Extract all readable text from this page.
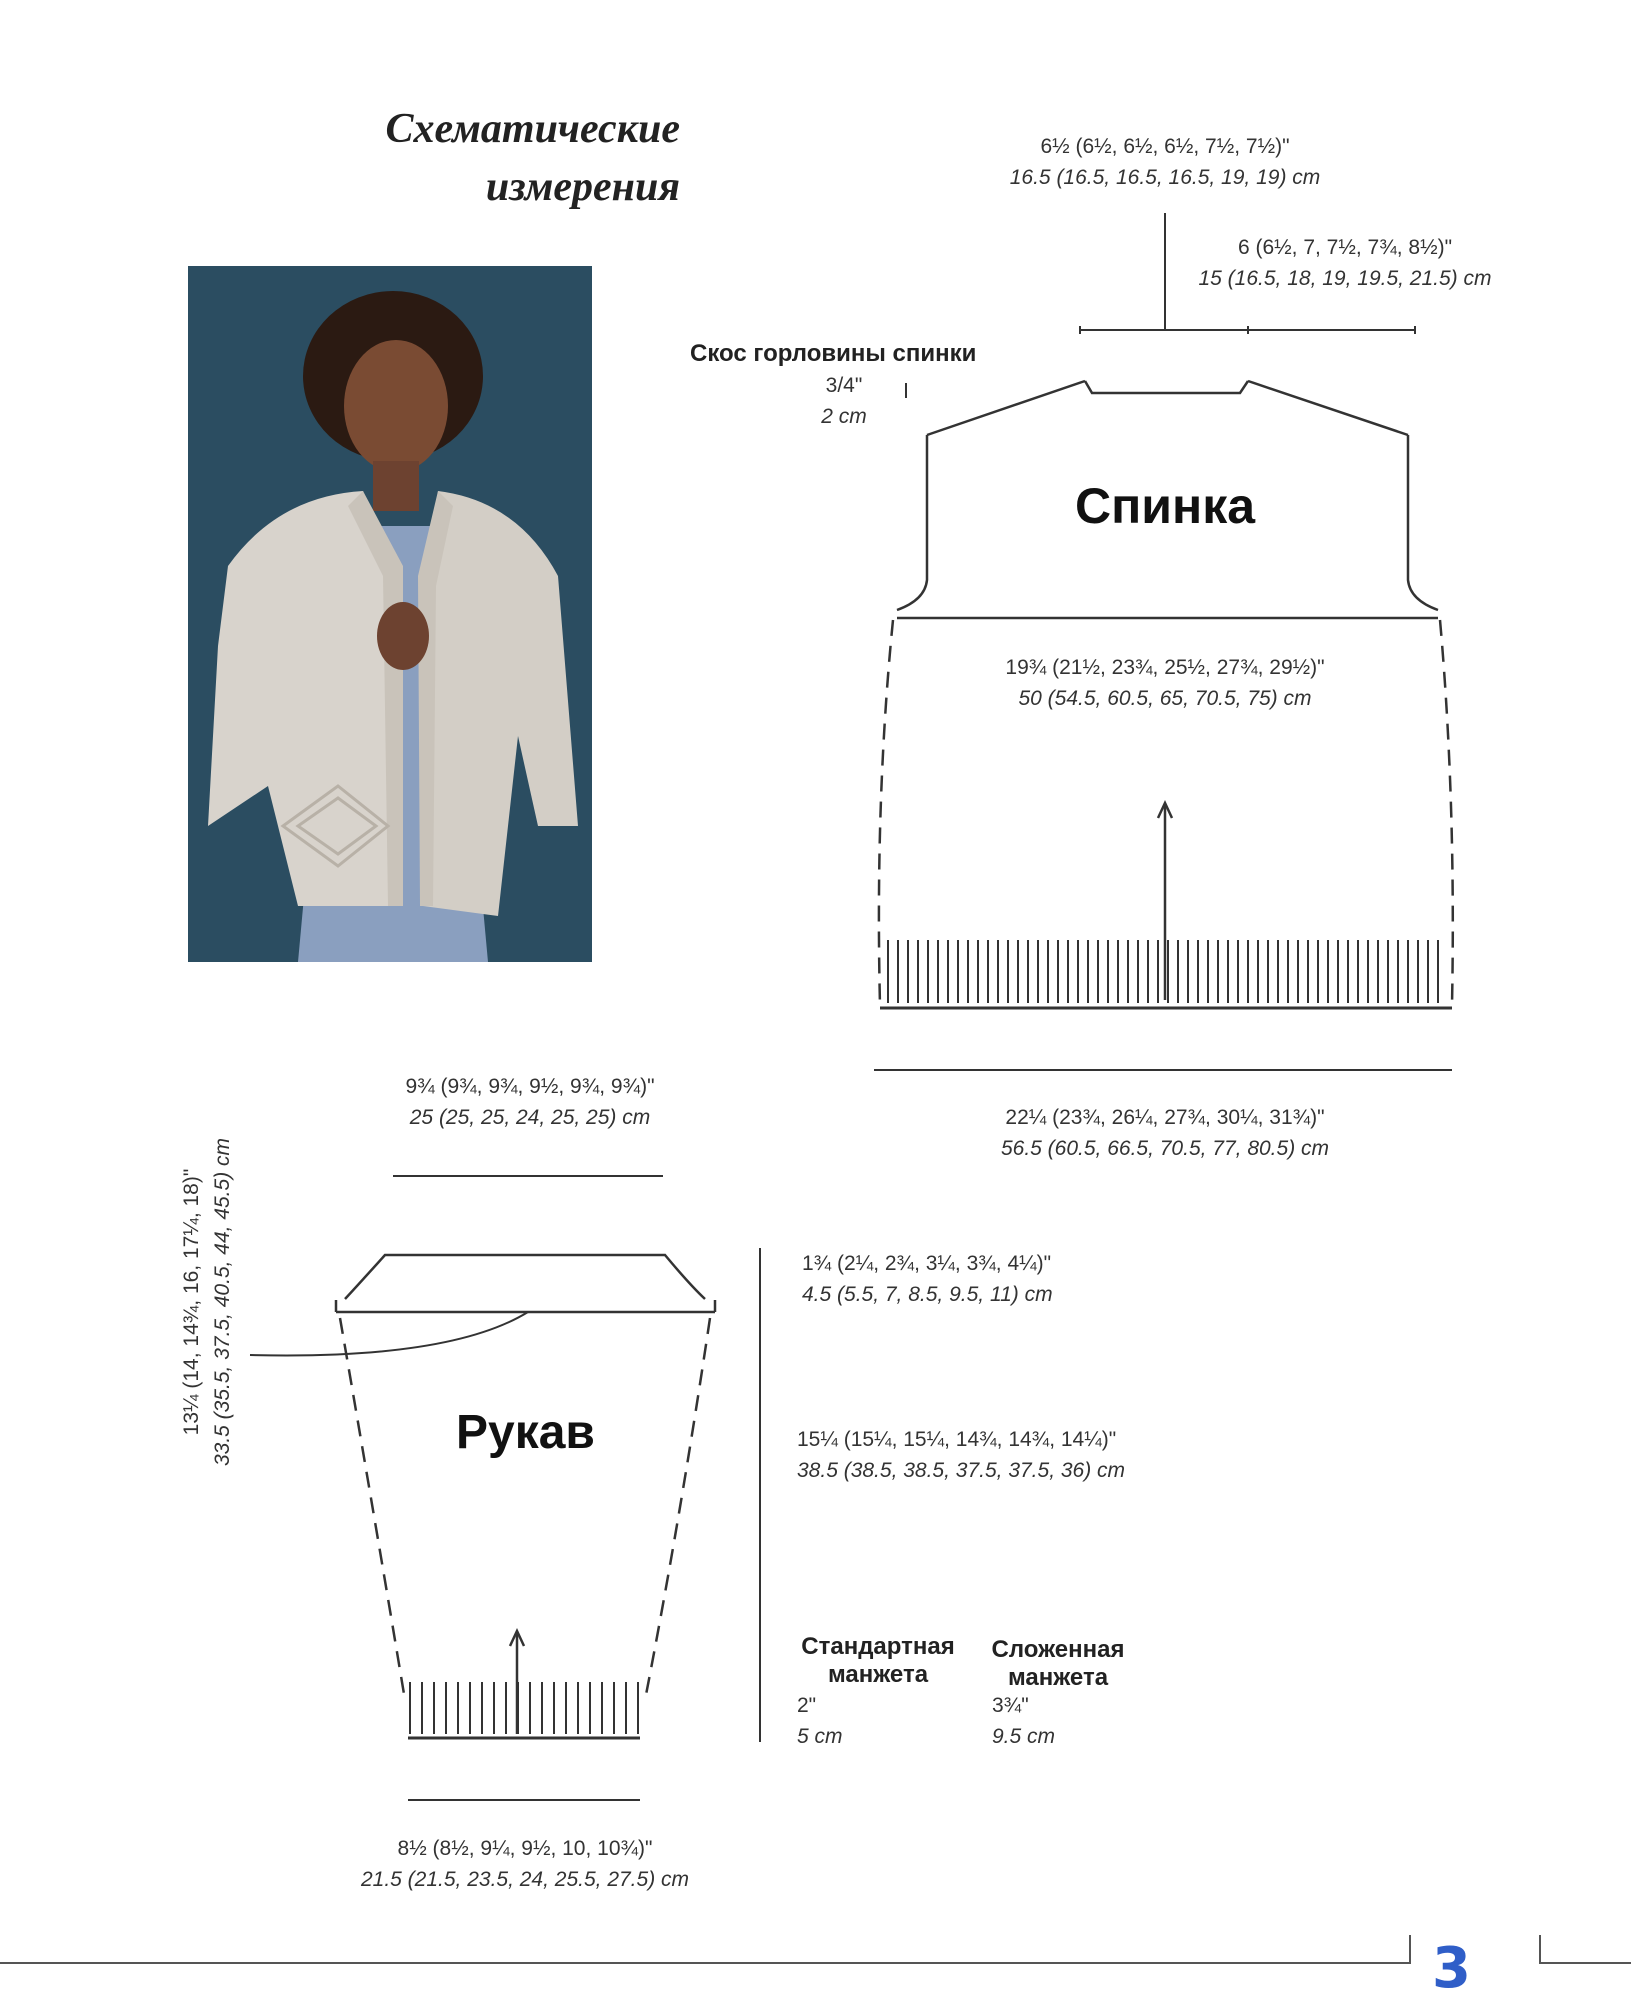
Схематические
измерения
6½ (6½, 6½, 6½, 7½, 7½)"
16.5 (16.5, 16.5, 16.5, 19, 19) cm
6 (6½, 7, 7½, 7¾, 8½)"
15 (16.5, 18, 19, 19.5, 21.5) cm
Скос горловины спинки
3/4"
2 cm
Спинка
19¾ (21½, 23¾, 25½, 27¾, 29½)"
50 (54.5, 60.5, 65, 70.5, 75) cm
22¼ (23¾, 26¼, 27¾, 30¼, 31¾)"
56.5 (60.5, 66.5, 70.5, 77, 80.5) cm
9¾ (9¾, 9¾, 9½, 9¾, 9¾)"
25 (25, 25, 24, 25, 25) cm
13¼ (14, 14¾, 16, 17¼, 18)" 33.5 (35.5, 37.5, 40.5, 44, 45.5) cm	1¾ (2¼, 2¾, 3¼, 3¾, 4¼)"
4.5 (5.5, 7, 8.5, 9.5, 11) cm
Рукав	15¼ (15¼, 15¼, 14¾, 14¾, 14¼)"
38.5 (38.5, 38.5, 37.5, 37.5, 36) cm
8½ (8½, 9¼, 9½, 10, 10¾)"
21.5 (21.5, 23.5, 24, 25.5, 27.5) cm
Стандартная
манжета
2"
5 cm
Сложенная
манжета
3¾"
9.5 cm
3
